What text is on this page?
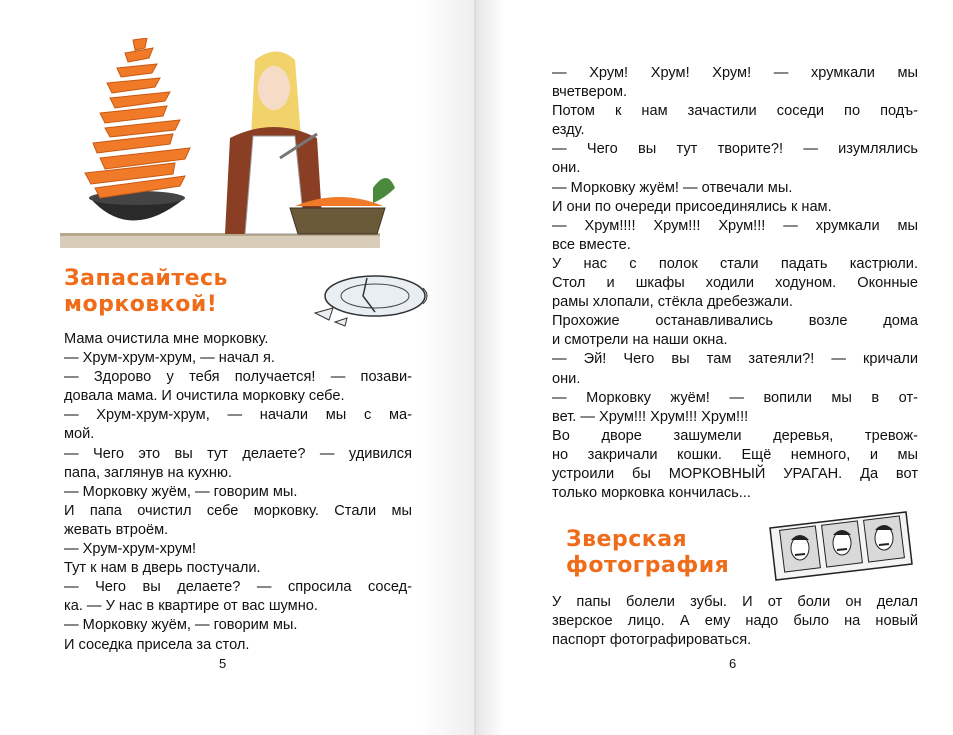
Запасайтесь
морковкой!

Мама очистила мне морковку.

— Хрум-хрум-хрум, — начал я.

— Здорово у тебя получается! — позави-

довала мама. И очистила морковку себе.

— Хрум-хрум-хрум, — начали мы с ма-

мой.

— Чего это вы тут делаете? — удивился

папа, заглянув на кухню.

— Морковку жуём, — говорим мы.

И папа очистил себе морковку. Стали мы

жевать втроём.

— Хрум-хрум-хрум!

Тут к нам в дверь постучали.

— Чего вы делаете? — спросила сосед-

ка. — У нас в квартире от вас шумно.

— Морковку жуём, — говорим мы.

И соседка присела за стол.

5

— Хрум! Хрум! Хрум! — хрумкали мы

вчетвером.

Потом к нам зачастили соседи по подъ-

езду.

— Чего вы тут творите?! — изумлялись

они.

— Морковку жуём! — отвечали мы.

И они по очереди присоединялись к нам.

— Хрум!!!! Хрум!!! Хрум!!! — хрумкали мы

все вместе.

У нас с полок стали падать кастрюли.

Стол и шкафы ходили ходуном. Оконные

рамы хлопали, стёкла дребезжали.

Прохожие останавливались возле дома

и смотрели на наши окна.

— Эй! Чего вы там затеяли?! — кричали

они.

— Морковку жуём! — вопили мы в от-

вет. — Хрум!!! Хрум!!! Хрум!!!

Во дворе зашумели деревья, тревож-

но закричали кошки. Ещё немного, и мы

устроили бы МОРКОВНЫЙ УРАГАН. Да вот

только морковка кончилась...

Зверская
фотография

У папы болели зубы. И от боли он делал

зверское лицо. А ему надо было на новый

паспорт фотографироваться.

6
